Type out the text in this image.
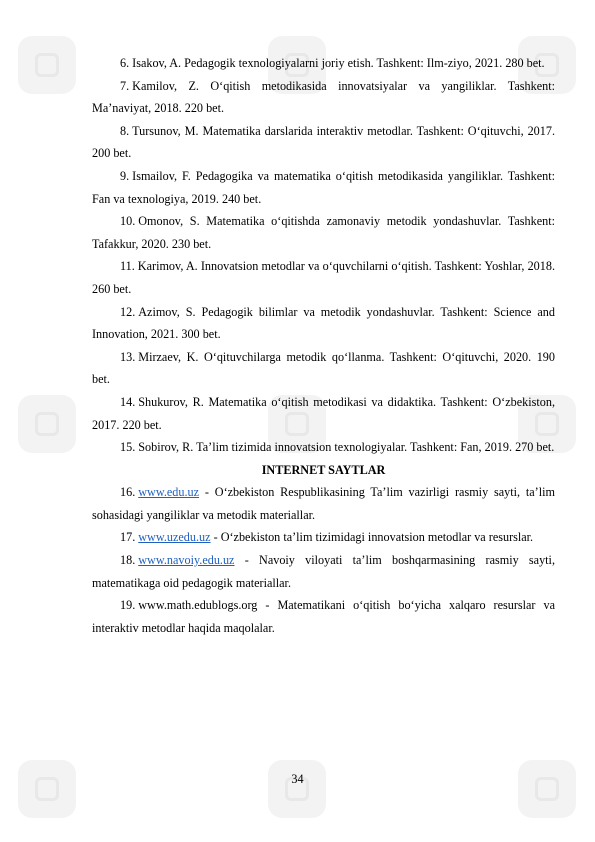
6. Isakov, A. Pedagogik texnologiyalarni joriy etish. Tashkent: Ilm-ziyo, 2021. 280 bet.

7. Kamilov, Z. O‘qitish metodikasida innovatsiyalar va yangiliklar. Tashkent: Ma’naviyat, 2018. 220 bet.

8. Tursunov, M. Matematika darslarida interaktiv metodlar. Tashkent: O‘qituvchi, 2017. 200 bet.

9. Ismailov, F. Pedagogika va matematika o‘qitish metodikasida yangiliklar. Tashkent: Fan va texnologiya, 2019. 240 bet.

10. Omonov, S. Matematika o‘qitishda zamonaviy metodik yondashuvlar. Tashkent: Tafakkur, 2020. 230 bet.

11. Karimov, A. Innovatsion metodlar va o‘quvchilarni o‘qitish. Tashkent: Yoshlar, 2018. 260 bet.

12. Azimov, S. Pedagogik bilimlar va metodik yondashuvlar. Tashkent: Science and Innovation, 2021. 300 bet.

13. Mirzaev, K. O‘qituvchilarga metodik qo‘llanma. Tashkent: O‘qituvchi, 2020. 190 bet.

14. Shukurov, R. Matematika o‘qitish metodikasi va didaktika. Tashkent: O‘zbekiston, 2017. 220 bet.

15. Sobirov, R. Ta’lim tizimida innovatsion texnologiyalar. Tashkent: Fan, 2019. 270 bet.

INTERNET SAYTLAR

16. www.edu.uz - O‘zbekiston Respublikasining Ta’lim vazirligi rasmiy sayti, ta’lim sohasidagi yangiliklar va metodik materiallar.

17. www.uzedu.uz - O‘zbekiston ta’lim tizimidagi innovatsion metodlar va resurslar.

18. www.navoiy.edu.uz - Navoiy viloyati ta’lim boshqarmasining rasmiy sayti, matematikaga oid pedagogik materiallar.

19. www.math.edublogs.org - Matematikani o‘qitish bo‘yicha xalqaro resurslar va interaktiv metodlar haqida maqolalar.

34
